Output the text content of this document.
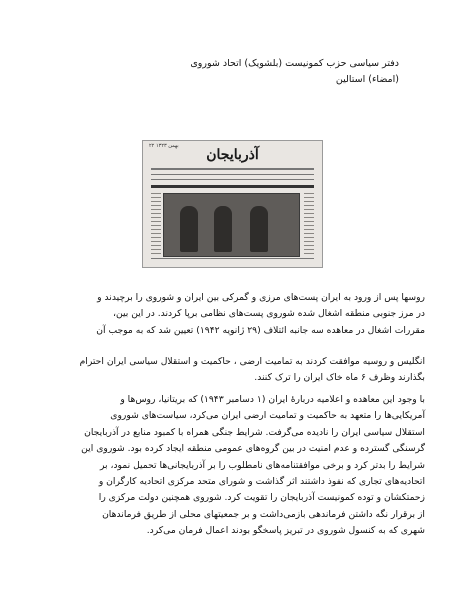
دفتر سیاسی حزب کمونیست (بلشویک) اتحاد شوروی
(امضاء) استالین
۲۲ بهمن ۱۳۲۳
آذربایجان
روسها پس از ورود به ایران پست‌های مرزی و گمرکی بین ایران و شوروی را برچیدند و
در مرز جنوبی منطقه اشغال شده شوروی پست‌های نظامی برپا کردند. در این بین،
مقررات اشغال در معاهده سه جانبه ائتلاف (۲۹ ژانویه ۱۹۴۲) تعیین شد که به موجب آن
انگلیس و روسیه موافقت کردند به تمامیت ارضی ، حاکمیت و استقلال سیاسی ایران احترام
بگذارند وظرف ۶ ماه خاک ایران را ترک کنند.
با وجود این معاهده و اعلامیه دربارهٔ ایران (۱ دسامبر ۱۹۴۳) که بریتانیا، روس‌ها و
آمریکایی‌ها را متعهد به حاکمیت و تمامیت ارضی ایران می‌کرد، سیاست‌های شوروی
استقلال سیاسی ایران را نادیده می‌گرفت. شرایط جنگی همراه با کمبود منابع در آذربایجان
گرسنگی گسترده و عدم امنیت در بین گروه‌های عمومی منطقه ایجاد کرده بود. شوروی این
شرایط را بدتر کرد و برخی موافقتنامه‌های نامطلوب را بر آذربایجانی‌ها تحمیل نمود، بر
اتحادیه‌های تجاری که نفوذ داشتند اثر گذاشت و شورای متحد مرکزی اتحادیه کارگران و
زحمتکشان و توده کمونیست آذربایجان را تقویت کرد. شوروی همچنین دولت مرکزی را
از برقرار نگه داشتن فرماندهی بازمی‌داشت و بر جمعیتهای محلی از طریق فرماندهان
شهری که به کنسول شوروی در تبریز پاسخگو بودند اعمال فرمان می‌کرد.
